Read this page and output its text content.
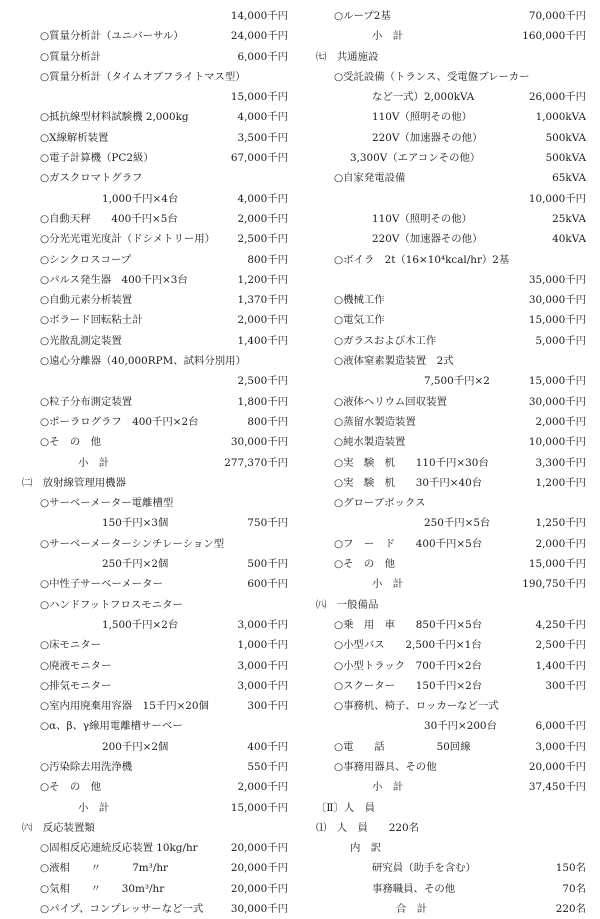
14,000千円
○質量分析計（ユニバーサル）	24,000千円
○質量分析計	6,000千円
○質量分析計（タイムオブフライトマス型）
15,000千円
○抵抗線型材料試験機 2,000kg	4,000千円
○X線解析装置	3,500千円
○電子計算機（PC2級）	67,000千円
○ガスクロマトグラフ
1,000千円×4台	4,000千円
○自動天秤　　400千円×5台	2,000千円
○分光光電光度計（ドシメトリー用） 2,500千円
○シンクロスコープ	800千円
○パルス発生器　400千円×3台	1,200千円
○自動元素分析装置	1,370千円
○ボラード回転粘土計	2,000千円
○光散乱測定装置	1,400千円
○遠心分離器（40,000RPM、試料分別用）
2,500千円
○粒子分布測定装置	1,800千円
○ポーラログラフ　400千円×2台	800千円
○そ　の　他	30,000千円
小　計	277,370千円
㈡　放射線管理用機器
○サーベーメーター電離槽型
150千円×3個	750千円
○サーベーメーターシンチレーション型
250千円×2個	500千円
○中性子サーベーメーター	600千円
○ハンドフットフロスモニター
1,500千円×2台	3,000千円
○床モニター	1,000千円
○廃液モニター	3,000千円
○排気モニター	3,000千円
○室内用廃棄用容器　15千円×20個	300千円
○α、β、γ線用電離槽サーベー
200千円×2個	400千円
○汚染除去用洗浄機	550千円
○そ　の　他	2,000千円
小　計	15,000千円
㈥　反応装置類
○固相反応連続反応装置 10kg/hr	20,000千円
○液相　　〃　　　7m³/hr	20,000千円
○気相　　〃　　30m³/hr	20,000千円
○パイプ、コンプレッサーなど一式	30,000千円
○ループ2基	70,000千円
小　計	160,000千円
㈦　共通施設
○受託設備（トランス、受電盤ブレーカー
など一式）2,000kVA	26,000千円
110V（照明その他）	1,000kVA
220V（加速器その他）	500kVA
3,300V（エアコンその他）	500kVA
○自家発電設備	65kVA
10,000千円
110V（照明その他）	25kVA
220V（加速器その他）	40kVA
○ボイラ　2t（16×10⁴kcal/hr）2基
35,000千円
○機械工作	30,000千円
○電気工作	15,000千円
○ガラスおよび木工作	5,000千円
○液体窒素製造装置　2式
7,500千円×2	15,000千円
○液体ヘリウム回収装置	30,000千円
○蒸留水製造装置	2,000千円
○純水製造装置	10,000千円
○実　験　机　　110千円×30台	3,300千円
○実　験　机　　30千円×40台	1,200千円
○グローブボックス
250千円×5台	1,250千円
○フ　ー　ド　　400千円×5台	2,000千円
○そ　の　他	15,000千円
小　計	190,750千円
㈧　一般備品
○乗　用　車　　850千円×5台	4,250千円
○小型バス　　2,500千円×1台	2,500千円
○小型トラック　700千円×2台	1,400千円
○スクーター　　150千円×2台	300千円
○事務机、椅子、ロッカーなど一式
30千円×200台	6,000千円
○電　　話　　　　　50回線	3,000千円
○事務用器具、その他	20,000千円
小　計	37,450千円
〔Ⅱ〕人　員
⑴　人　員　　220名
内　訳
研究員（助手を含む）	150名
事務職員、その他	70名
合　計	220名
